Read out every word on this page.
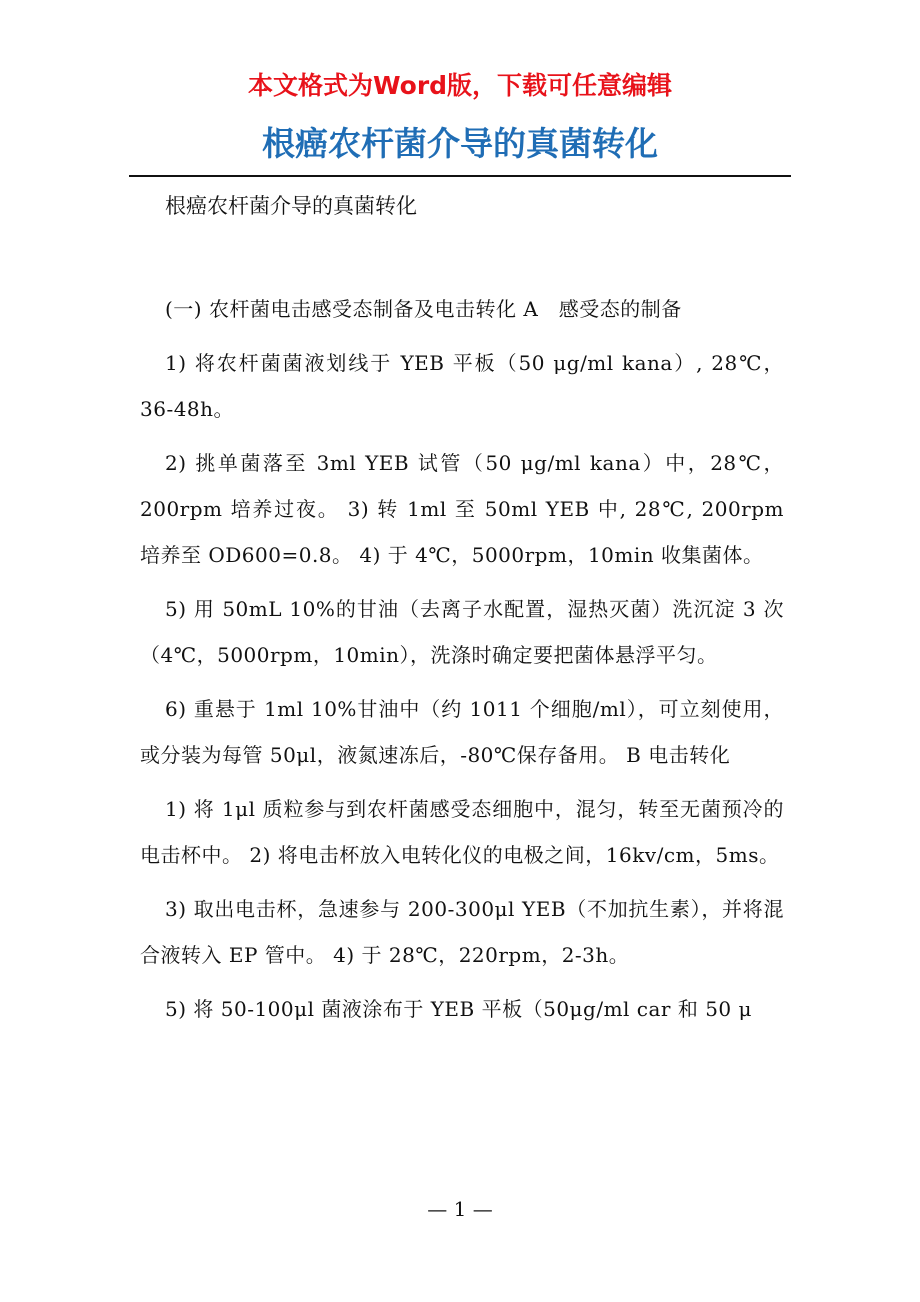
本文格式为Word版，下载可任意编辑
根癌农杆菌介导的真菌转化

根癌农杆菌介导的真菌转化

(一) 农杆菌电击感受态制备及电击转化 A　感受态的制备

1) 将农杆菌菌液划线于 YEB 平板（50 μg/ml kana）, 28℃，36-48h。

2) 挑单菌落至 3ml YEB 试管（50 μg/ml kana）中，28℃，200rpm 培养过夜。 3) 转 1ml 至 50ml YEB 中, 28℃, 200rpm 培养至 OD600=0.8。 4) 于 4℃，5000rpm，10min 收集菌体。

5) 用 50mL 10%的甘油（去离子水配置，湿热灭菌）洗沉淀 3 次（4℃，5000rpm，10min），洗涤时确定要把菌体悬浮平匀。

6) 重悬于 1ml 10%甘油中（约 1011 个细胞/ml），可立刻使用，或分装为每管 50μl，液氮速冻后，-80℃保存备用。 B 电击转化

1) 将 1μl 质粒参与到农杆菌感受态细胞中，混匀，转至无菌预冷的电击杯中。 2) 将电击杯放入电转化仪的电极之间，16kv/cm，5ms。

3) 取出电击杯，急速参与 200-300μl YEB（不加抗生素），并将混合液转入 EP 管中。 4) 于 28℃，220rpm，2-3h。

5) 将 50-100μl 菌液涂布于 YEB 平板（50μg/ml car 和 50 μ

— 1 —
